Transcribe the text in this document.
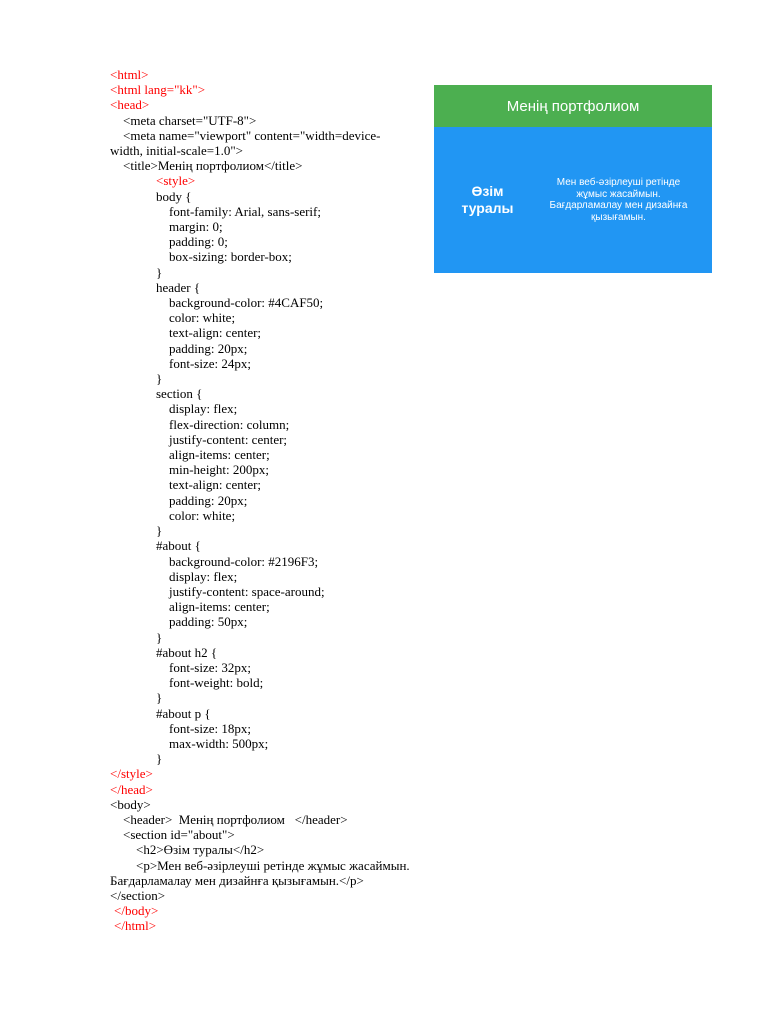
<html>
<html lang="kk">
<head>
<meta charset="UTF-8">
<meta name="viewport" content="width=device-width, initial-scale=1.0">
<title>Менің портфолиом</title>
<style>
body {
font-family: Arial, sans-serif;
margin: 0;
padding: 0;
box-sizing: border-box;
}
header {
background-color: #4CAF50;
color: white;
text-align: center;
padding: 20px;
font-size: 24px;
}
section {
display: flex;
flex-direction: column;
justify-content: center;
align-items: center;
min-height: 200px;
text-align: center;
padding: 20px;
color: white;
}
#about {
background-color: #2196F3;
display: flex;
justify-content: space-around;
align-items: center;
padding: 50px;
}
#about h2 {
font-size: 32px;
font-weight: bold;
}
#about p {
font-size: 18px;
max-width: 500px;
}
</style>
</head>
<body>
<header>  Менің портфолиом   </header>
<section id="about">
<h2>Өзім туралы</h2>
<p>Мен веб-әзірлеуші ретінде жұмыс жасаймын. Бағдарламалау мен дизайнға қызығамын.</p>   </section>
</body>
</html>
Менің портфолиом
Өзім туралы

Мен веб-әзірлеуші ретінде жұмыс жасаймын. Бағдарламалау мен дизайнға қызығамын.
